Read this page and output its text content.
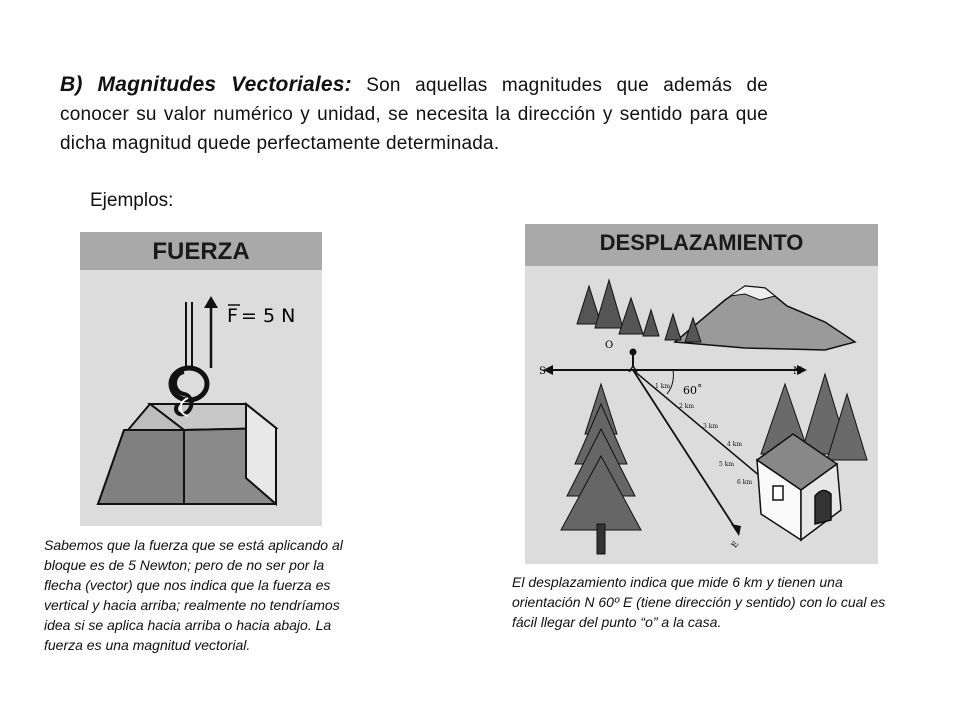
B) Magnitudes Vectoriales: Son aquellas magnitudes que además de conocer su valor numérico y unidad, se necesita la dirección y sentido para que dicha magnitud quede perfectamente determinada.
Ejemplos:
FUERZA
F = 5 N
DESPLAZAMIENTO
S	N
O
60˚
E
1 km
2 km
3 km
4 km
5 km
6 km
Sabemos que la fuerza que se está aplicando al bloque es de 5 Newton; pero de no ser por la flecha (vector) que nos indica que la fuerza es vertical y hacia arriba; realmente no tendríamos idea si se aplica hacia arriba o hacia abajo. La fuerza es una magnitud vectorial.
El desplazamiento indica que mide 6 km y tienen una orientación N 60º E (tiene dirección y sentido) con lo cual es fácil llegar del punto “o” a la casa.
